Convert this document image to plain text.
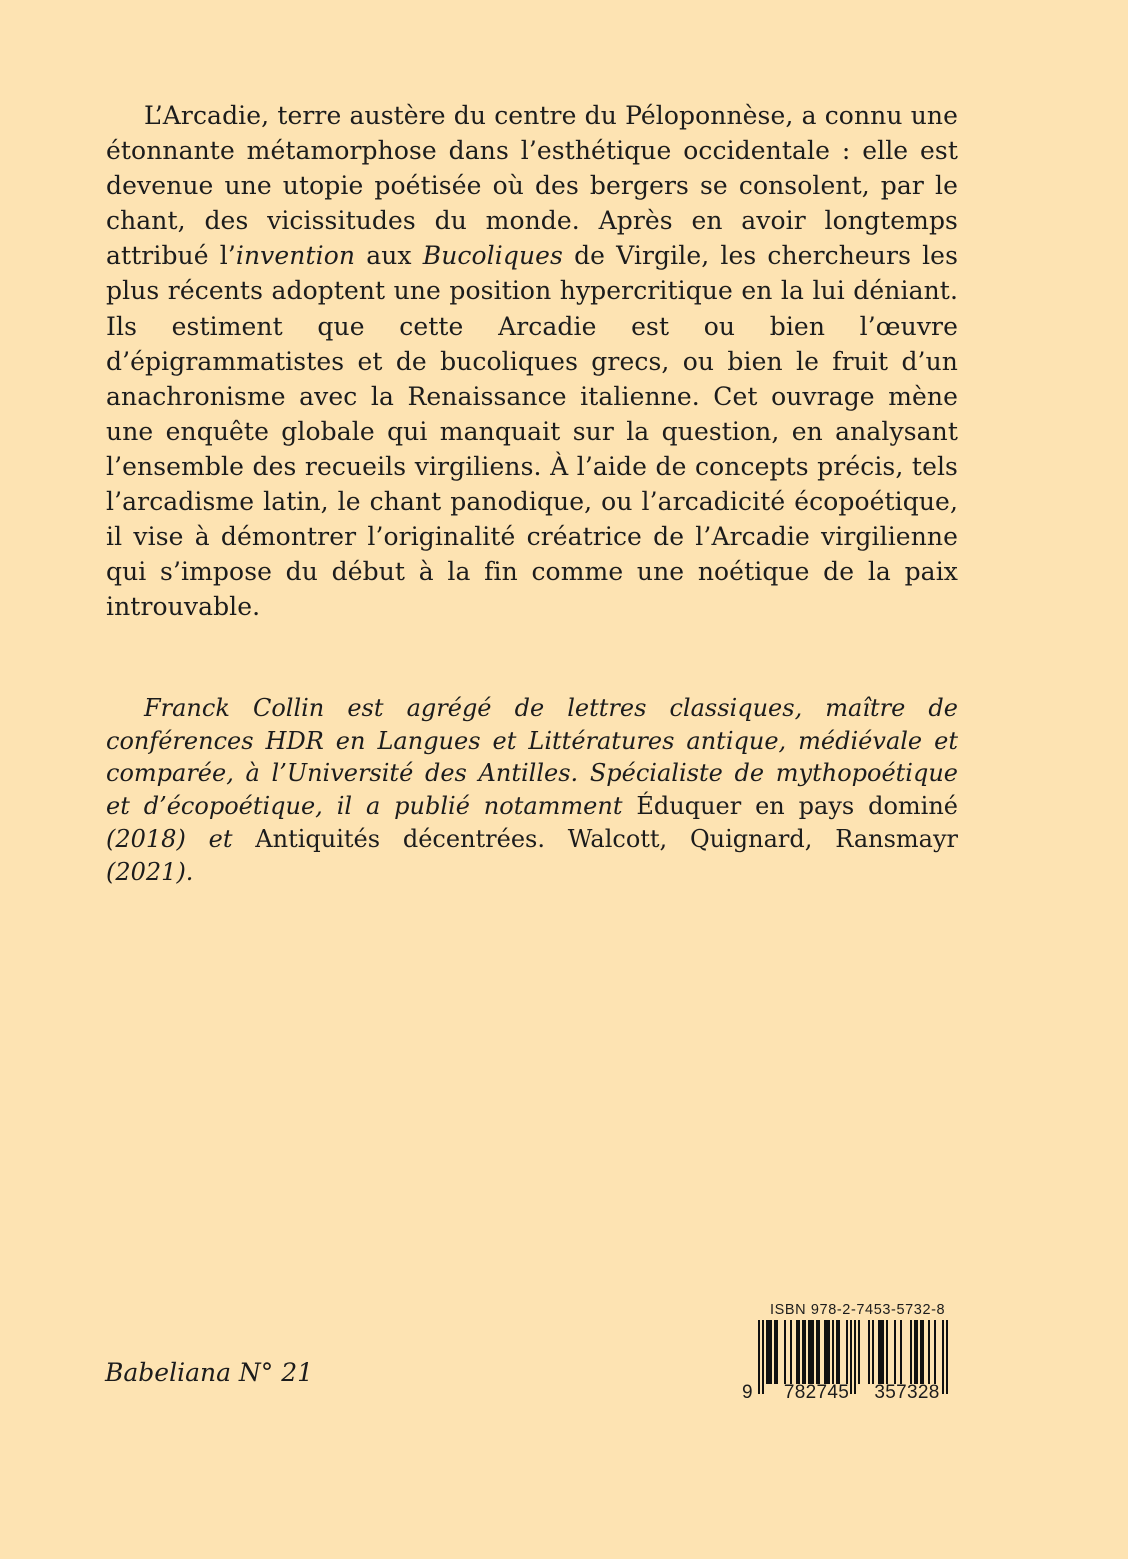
L’Arcadie, terre austère du centre du Péloponnèse, a connu une étonnante métamorphose dans l’esthétique occidentale : elle est devenue une utopie poétisée où des bergers se consolent, par le chant, des vicissitudes du monde. Après en avoir longtemps attribué l’invention aux Bucoliques de Virgile, les chercheurs les plus récents adoptent une position hypercritique en la lui déniant. Ils estiment que cette Arcadie est ou bien l’œuvre d’épigrammatistes et de bucoliques grecs, ou bien le fruit d’un anachronisme avec la Renaissance italienne. Cet ouvrage mène une enquête globale qui manquait sur la question, en analysant l’ensemble des recueils virgiliens. À l’aide de concepts précis, tels l’arcadisme latin, le chant panodique, ou l’arcadicité écopoétique, il vise à démontrer l’originalité créatrice de l’Arcadie virgilienne qui s’impose du début à la fin comme une noétique de la paix introuvable.

Franck Collin est agrégé de lettres classiques, maître de conférences HDR en Langues et Littératures antique, médiévale et comparée, à l’Université des Antilles. Spécialiste de mythopoétique et d’écopoétique, il a publié notamment Éduquer en pays dominé (2018) et Antiquités décentrées. Walcott, Quignard, Ransmayr (2021).

Babeliana N° 21

ISBN 978-2-7453-5732-8
9	782745	357328
